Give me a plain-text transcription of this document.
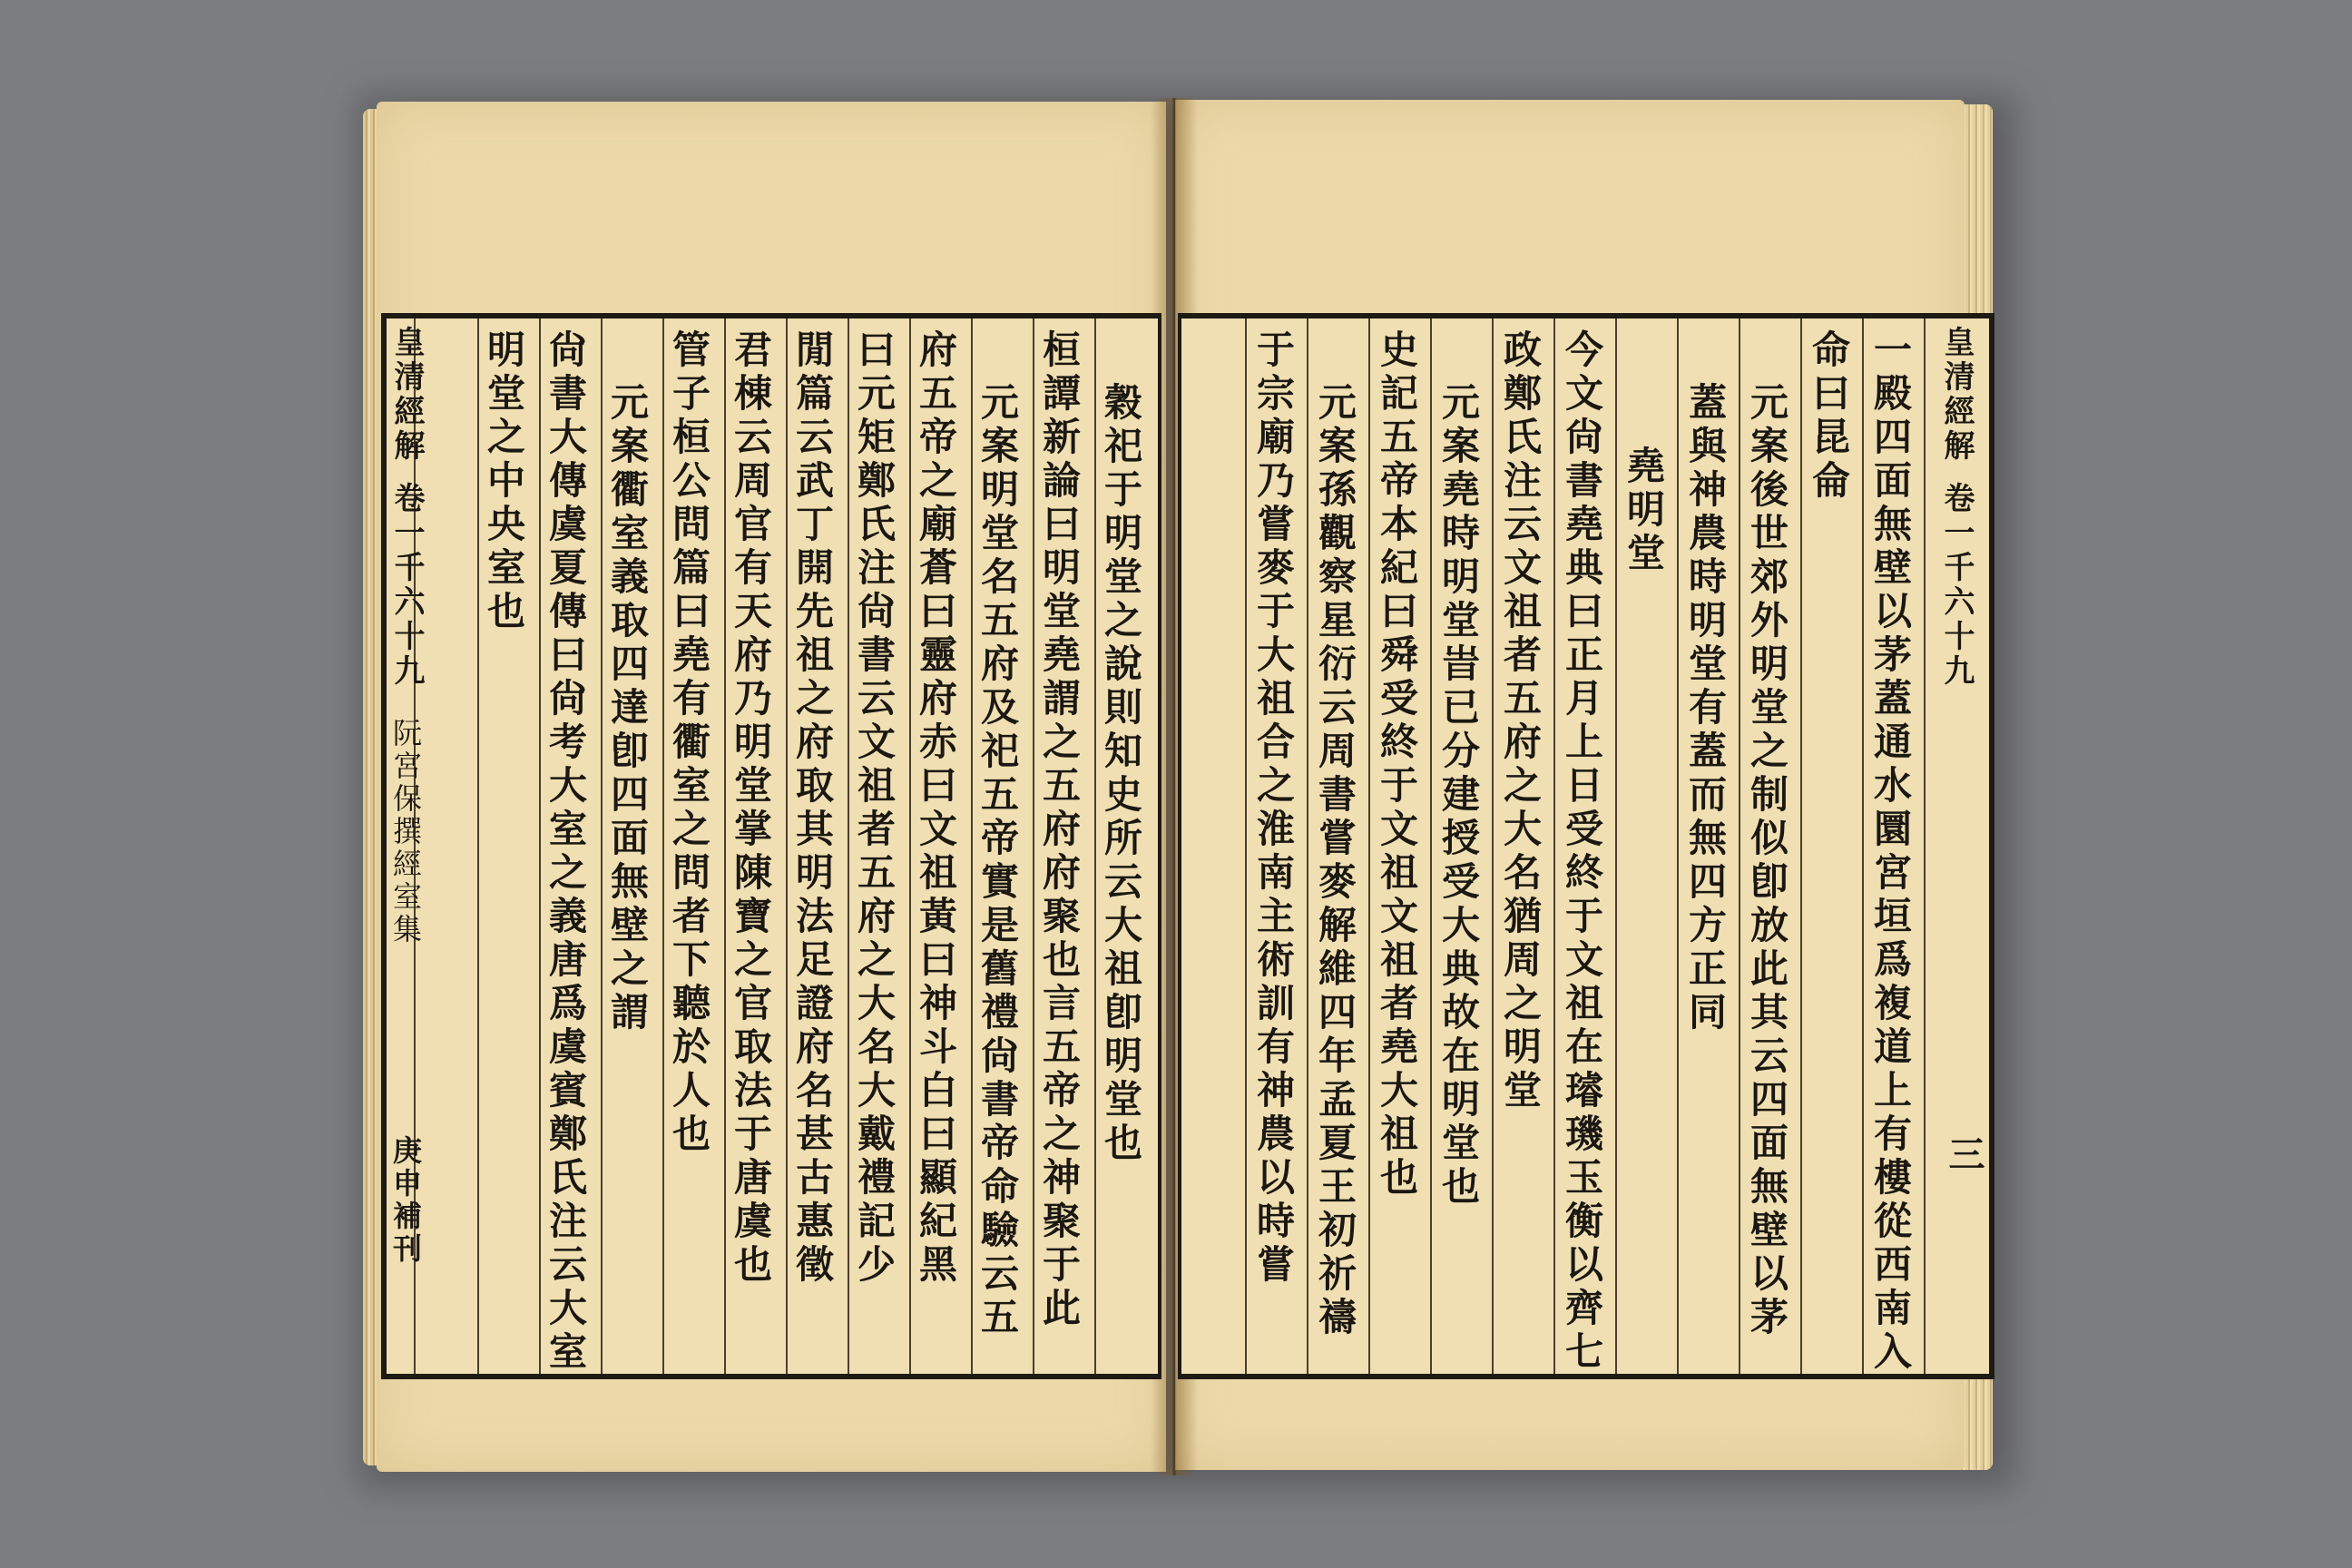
穀祀于明堂之說則知史所云大祖卽明堂也
桓譚新論曰明堂堯謂之五府府聚也言五帝之神聚于此
元案明堂名五府及祀五帝實是舊禮尙書帝命驗云五
府五帝之廟蒼曰靈府赤曰文祖黃曰神斗白曰顯紀黑
曰元矩鄭氏注尙書云文祖者五府之大名大戴禮記少
閒篇云武丁開先祖之府取其明法足證府名甚古惠徵
君棟云周官有天府乃明堂掌陳寶之官取法于唐虞也
管子桓公問篇曰堯有衢室之問者下聽於人也
元案衢室義取四達卽四面無壁之謂
尙書大傳虞夏傳曰尙考大室之義唐爲虞賓鄭氏注云大室
明堂之中央室也
皇清經解
卷一千六十九
阮宮保撰經室集
庚申補刊	一殿四面無壁以茅蓋通水圜宮垣爲複道上有樓從西南入
命曰昆侖
元案後世郊外明堂之制似卽放此其云四面無壁以茅
蓋與神農時明堂有蓋而無四方正同
堯明堂
今文尙書堯典曰正月上日受終于文祖在璿璣玉衡以齊七
政鄭氏注云文祖者五府之大名猶周之明堂
元案堯時明堂旹已分建授受大典故在明堂也
史記五帝本紀曰舜受終于文祖文祖者堯大祖也
元案孫觀察星衍云周書嘗麥解維四年孟夏王初祈禱
于宗廟乃嘗麥于大祖合之淮南主術訓有神農以時嘗	皇清經解
卷一千六十九
三
